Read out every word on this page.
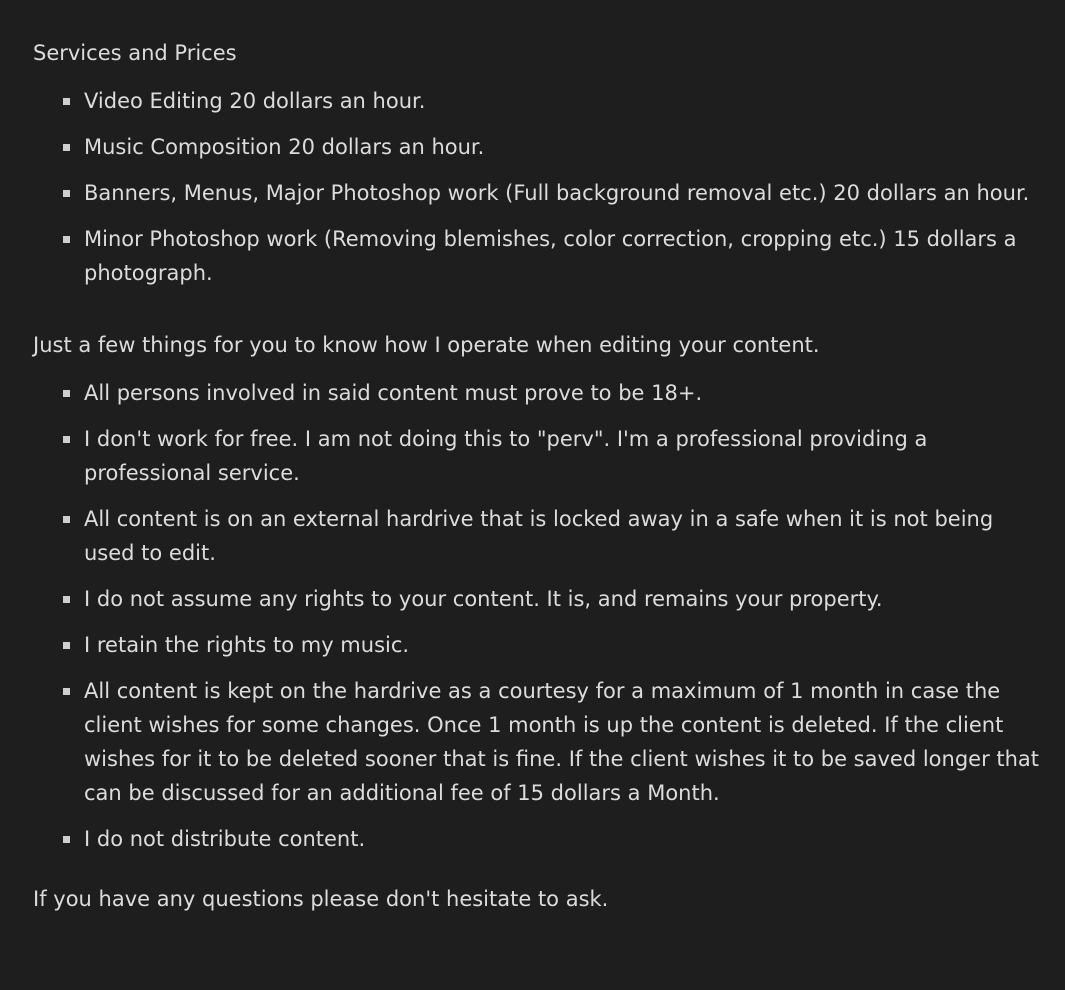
Services and Prices

Video Editing 20 dollars an hour.
Music Composition 20 dollars an hour.
Banners, Menus, Major Photoshop work (Full background removal etc.) 20 dollars an hour.
Minor Photoshop work (Removing blemishes, color correction, cropping etc.) 15 dollars a photograph.

Just a few things for you to know how I operate when editing your content.

All persons involved in said content must prove to be 18+.
I don't work for free. I am not doing this to "perv". I'm a professional providing a professional service.
All content is on an external hardrive that is locked away in a safe when it is not being used to edit.
I do not assume any rights to your content. It is, and remains your property.
I retain the rights to my music.
All content is kept on the hardrive as a courtesy for a maximum of 1 month in case the client wishes for some changes. Once 1 month is up the content is deleted. If the client wishes for it to be deleted sooner that is fine. If the client wishes it to be saved longer that can be discussed for an additional fee of 15 dollars a Month.
I do not distribute content.

If you have any questions please don't hesitate to ask.
